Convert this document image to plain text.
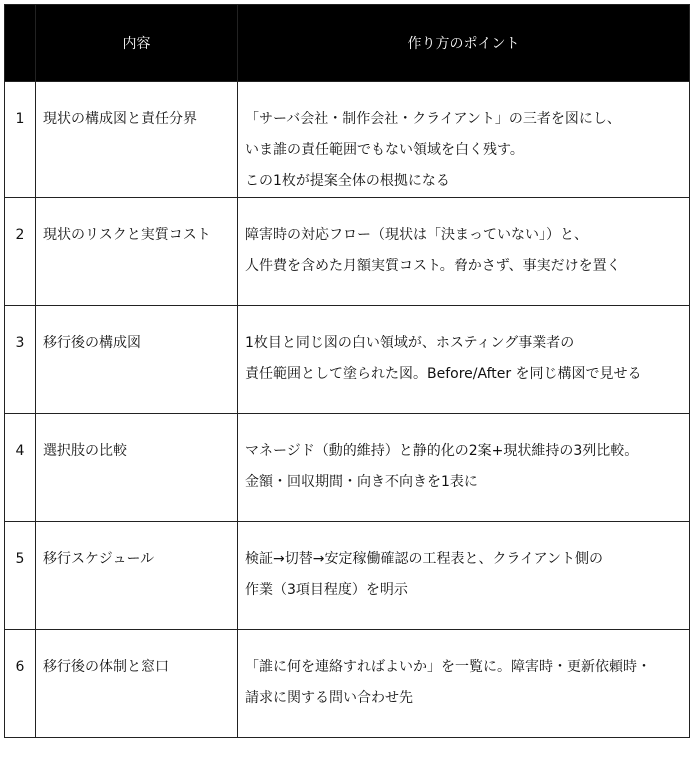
	内容	作り方のポイント
1	現状の構成図と責任分界	「サーバ会社・制作会社・クライアント」の三者を図にし、
いま誰の責任範囲でもない領域を白く残す。
この1枚が提案全体の根拠になる

2	現状のリスクと実質コスト	障害時の対応フロー（現状は「決まっていない」）と、
人件費を含めた月額実質コスト。脅かさず、事実だけを置く

3	移行後の構成図	1枚目と同じ図の白い領域が、ホスティング事業者の
責任範囲として塗られた図。Before/After を同じ構図で見せる

4	選択肢の比較	マネージド（動的維持）と静的化の2案+現状維持の3列比較。
金額・回収期間・向き不向きを1表に

5	移行スケジュール	検証→切替→安定稼働確認の工程表と、クライアント側の
作業（3項目程度）を明示

6	移行後の体制と窓口	「誰に何を連絡すればよいか」を一覧に。障害時・更新依頼時・
請求に関する問い合わせ先
